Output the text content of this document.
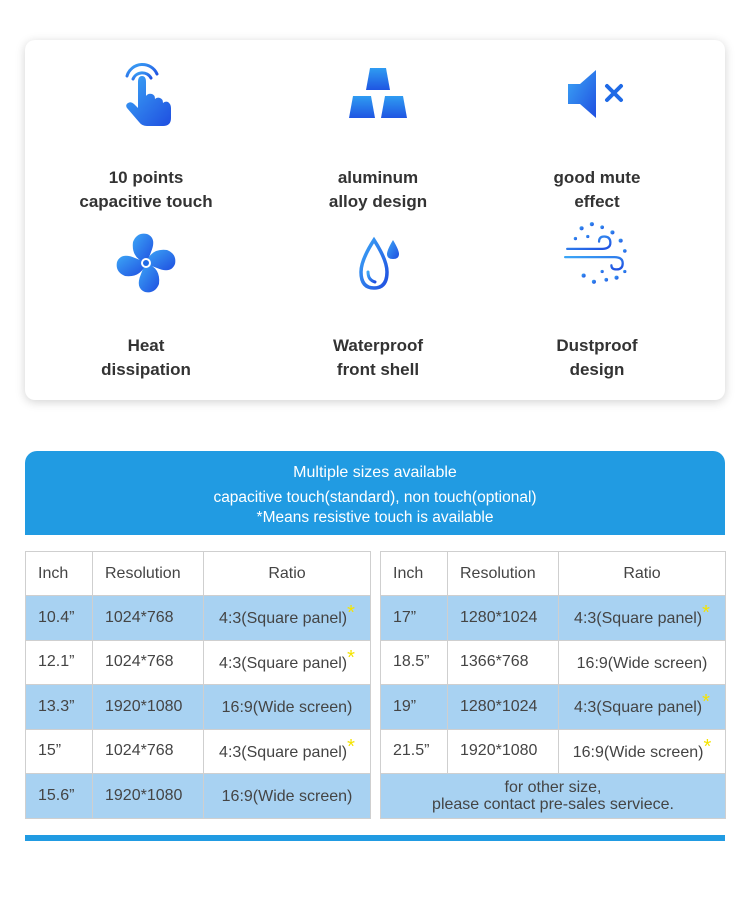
10 points
capacitive touch
aluminum
alloy design
good mute
effect
Heat
dissipation
Waterproof
front shell
Dustproof
design
Multiple sizes available
capacitive touch(standard), non touch(optional)
*Means resistive touch is available
Inch	Resolution	Ratio
10.4”	1024*768	4:3(Square panel)*
12.1”	1024*768	4:3(Square panel)*
13.3”	1920*1080	16:9(Wide screen)
15”	1024*768	4:3(Square panel)*
15.6”	1920*1080	16:9(Wide screen)
Inch	Resolution	Ratio
17”	1280*1024	4:3(Square panel)*
18.5”	1366*768	16:9(Wide screen)
19”	1280*1024	4:3(Square panel)*
21.5”	1920*1080	16:9(Wide screen)*

for other size,
please contact pre-sales serviece.		
